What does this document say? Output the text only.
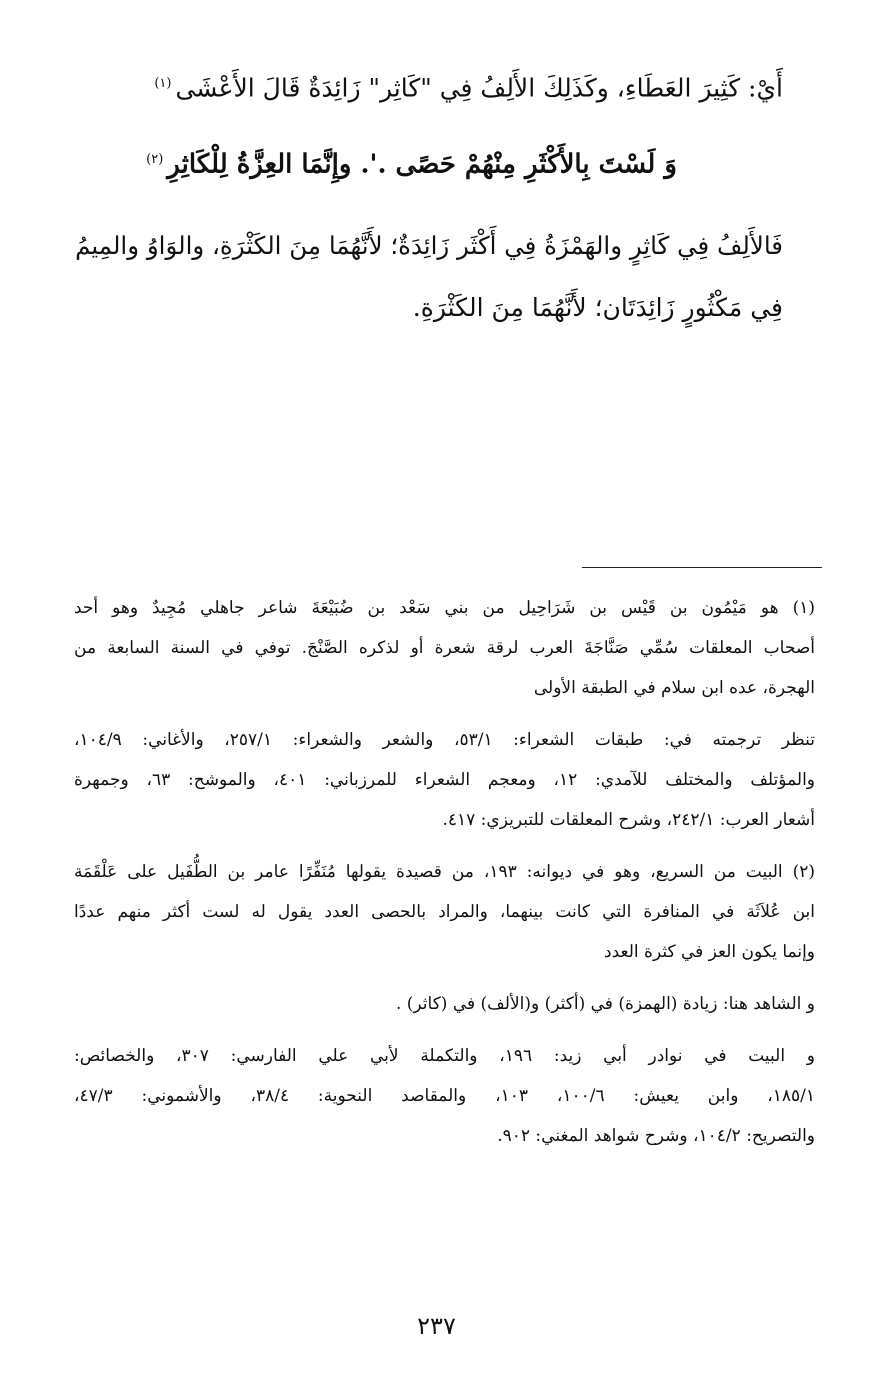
أَيْ: كَثِيرَ العَطَاءِ، وكَذَلِكَ الأَلِفُ فِي "كَاثِر" زَائِدَةٌ قَالَ الأَعْشَى$^{(١)}$
وَ لَسْتَ بِالأَكْثَرِ مِنْهُمْ حَصًى .'. وإِنَّمَا العِزَّةُ لِلْكَاثِرِ$^{(٢)}$
فَالأَلِفُ فِي كَاثِرٍ والهَمْزَةُ فِي أَكْثَر زَائِدَةٌ؛ لأَنَّهُمَا مِنَ الكَثْرَةِ، والوَاوُ والمِيمُ
فِي مَكْثُورٍ زَائِدَتَان؛ لأَنَّهُمَا مِنَ الكَثْرَةِ.
(١) هو مَيْمُون بن قَيْس بن شَرَاحِيل من بني سَعْد بن ضُبَيْعَةَ شاعر جاهلي مُجِيدٌ وهو أحد
أصحاب المعلقات سُمِّي صَنَّاجَةَ العرب لرقة شعرة أو لذكره الصَّنْجَ. توفي في السنة السابعة من
الهجرة، عده ابن سلام في الطبقة الأولى
تنظر ترجمته في: طبقات الشعراء: ٥٣/١، والشعر والشعراء: ٢٥٧/١، والأغاني: ١٠٤/٩،
والمؤتلف والمختلف للآمدي: ١٢، ومعجم الشعراء للمرزباني: ٤٠١، والموشح: ٦٣، وجمهرة
أشعار العرب: ٢٤٢/١، وشرح المعلقات للتبريزي: ٤١٧.
(٢) البيت من السريع، وهو في ديوانه: ١٩٣، من قصيدة يقولها مُنَفِّرًا عامر بن الطُّفَيل على عَلْقَمَة
ابن عُلاَثَة في المنافرة التي كانت بينهما، والمراد بالحصى العدد يقول له لست أكثر منهم عددًا
وإنما يكون العز في كثرة العدد
و الشاهد هنا: زيادة (الهمزة) في (أكثر) و(الألف) في (كاثر) .
و البيت في نوادر أبي زيد: ١٩٦، والتكملة لأبي علي الفارسي: ٣٠٧، والخصائص:
١٨٥/١، وابن يعيش: ١٠٠/٦، ١٠٣، والمقاصد النحوية: ٣٨/٤، والأشموني: ٤٧/٣،
والتصريح: ١٠٤/٢، وشرح شواهد المغني: ٩٠٢.
٢٣٧
